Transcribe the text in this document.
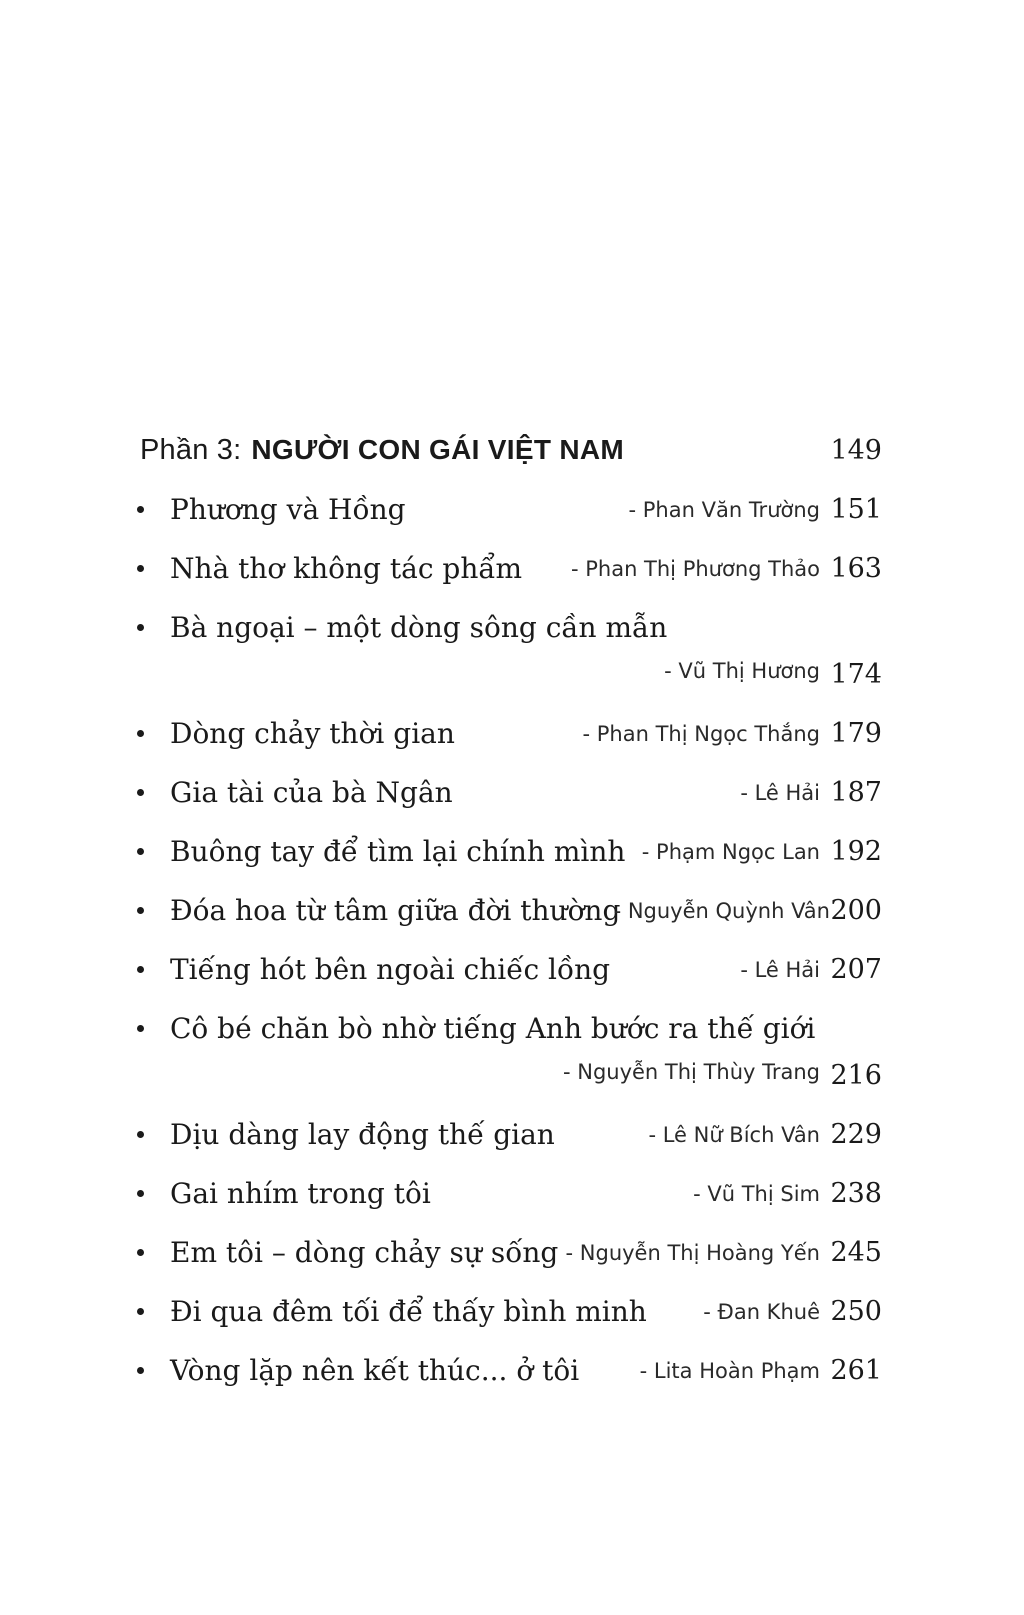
Phần 3: NGƯỜI CON GÁI VIỆT NAM	149
Phương và Hồng	- Phan Văn Trường 151
Nhà thơ không tác phẩm - Phan Thị Phương Thảo 163
Bà ngoại – một dòng sông cần mẫn
- Vũ Thị Hương 174
Dòng chảy thời gian	- Phan Thị Ngọc Thắng 179
Gia tài của bà Ngân	- Lê Hải 187
Buông tay để tìm lại chính mình - Phạm Ngọc Lan 192
Đóa hoa từ tâm giữa đời thường
- Nguyễn Quỳnh Vân 200
Tiếng hót bên ngoài chiếc lồng	- Lê Hải 207
Cô bé chăn bò nhờ tiếng Anh bước ra thế giới
- Nguyễn Thị Thùy Trang 216
Dịu dàng lay động thế gian	- Lê Nữ Bích Vân 229
Gai nhím trong tôi	- Vũ Thị Sim 238
Em tôi – dòng chảy sự sống - Nguyễn Thị Hoàng Yến 245
Đi qua đêm tối để thấy bình minh	- Đan Khuê 250
Vòng lặp nên kết thúc... ở tôi	- Lita Hoàn Phạm 261
